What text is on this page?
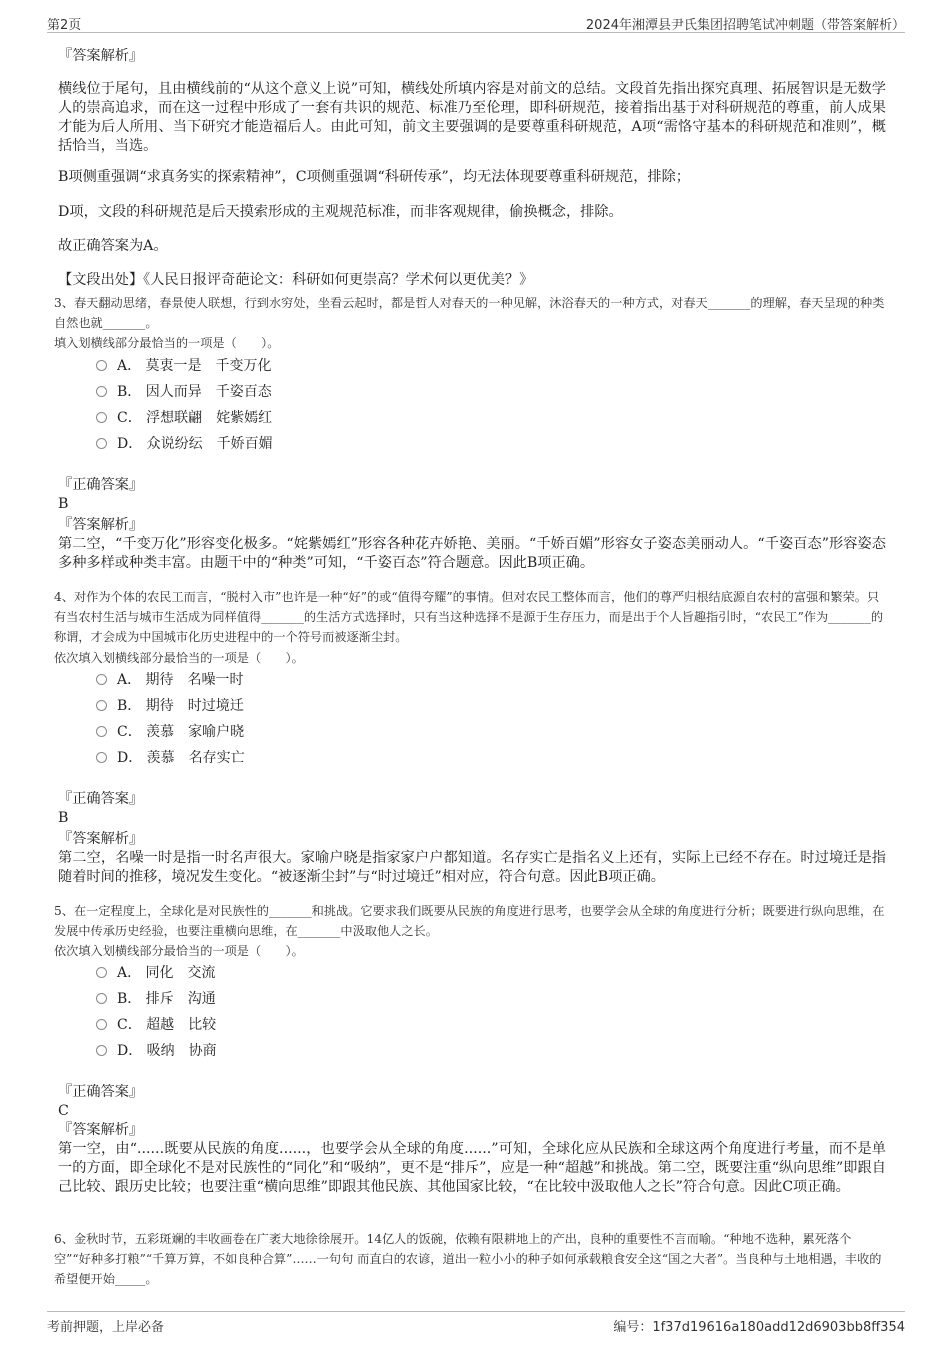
第2页	2024年湘潭县尹氏集团招聘笔试冲刺题（带答案解析）
『答案解析』
横线位于尾句，且由横线前的“从这个意义上说”可知，横线处所填内容是对前文的总结。文段首先指出探究真理、拓展智识是无数学人的崇高追求，而在这一过程中形成了一套有共识的规范、标准乃至伦理，即科研规范，接着指出基于对科研规范的尊重，前人成果才能为后人所用、当下研究才能造福后人。由此可知，前文主要强调的是要尊重科研规范，A项“需恪守基本的科研规范和准则”，概括恰当，当选。
B项侧重强调“求真务实的探索精神”，C项侧重强调“科研传承”，均无法体现要尊重科研规范，排除；
D项，文段的科研规范是后天摸索形成的主观规范标准，而非客观规律，偷换概念，排除。
故正确答案为A。
【文段出处】《人民日报评奇葩论文：科研如何更崇高？学术何以更优美？》
3、春天翻动思绪，春景使人联想，行到水穷处，坐看云起时，都是哲人对春天的一种见解，沐浴春天的一种方式，对春天_______的理解，春天呈现的种类自然也就_______。
填入划横线部分最恰当的一项是（　　）。
A． 莫衷一是　千变万化
B． 因人而异　千姿百态
C． 浮想联翩　姹紫嫣红
D． 众说纷纭　千娇百媚
『正确答案』
B
『答案解析』
第二空，“千变万化”形容变化极多。“姹紫嫣红”形容各种花卉娇艳、美丽。“千娇百媚”形容女子姿态美丽动人。“千姿百态”形容姿态多种多样或种类丰富。由题干中的“种类”可知，“千姿百态”符合题意。因此B项正确。
4、对作为个体的农民工而言，“脱村入市”也许是一种“好”的或“值得夸耀”的事情。但对农民工整体而言，他们的尊严归根结底源自农村的富强和繁荣。只有当农村生活与城市生活成为同样值得_______的生活方式选择时，只有当这种选择不是源于生存压力，而是出于个人旨趣指引时，“农民工”作为_______的称谓，才会成为中国城市化历史进程中的一个符号而被逐渐尘封。
依次填入划横线部分最恰当的一项是（　　）。
A． 期待　名噪一时
B． 期待　时过境迁
C． 羡慕　家喻户晓
D． 羡慕　名存实亡
『正确答案』
B
『答案解析』
第二空，名噪一时是指一时名声很大。家喻户晓是指家家户户都知道。名存实亡是指名义上还有，实际上已经不存在。时过境迁是指随着时间的推移，境况发生变化。“被逐渐尘封”与“时过境迁”相对应，符合句意。因此B项正确。
5、在一定程度上，全球化是对民族性的_______和挑战。它要求我们既要从民族的角度进行思考，也要学会从全球的角度进行分析；既要进行纵向思维，在发展中传承历史经验，也要注重横向思维，在_______中汲取他人之长。
依次填入划横线部分最恰当的一项是（　　）。
A． 同化　交流
B． 排斥　沟通
C． 超越　比较
D． 吸纳　协商
『正确答案』
C
『答案解析』
第一空，由“......既要从民族的角度......，也要学会从全球的角度......”可知，全球化应从民族和全球这两个角度进行考量，而不是单一的方面，即全球化不是对民族性的“同化”和“吸纳”，更不是“排斥”，应是一种“超越”和挑战。第二空，既要注重“纵向思维”即跟自己比较、跟历史比较；也要注重“横向思维”即跟其他民族、其他国家比较，“在比较中汲取他人之长”符合句意。因此C项正确。
6、金秋时节，五彩斑斓的丰收画卷在广袤大地徐徐展开。14亿人的饭碗，依赖有限耕地上的产出，良种的重要性不言而喻。“种地不选种，累死落个空”“好种多打粮”“千算万算，不如良种合算”……一句句 而直白的农谚，道出一粒小小的种子如何承载粮食安全这“国之大者”。当良种与土地相遇，丰收的希望便开始_____。
考前押题，上岸必备	编号：1f37d19616a180add12d6903bb8ff354
